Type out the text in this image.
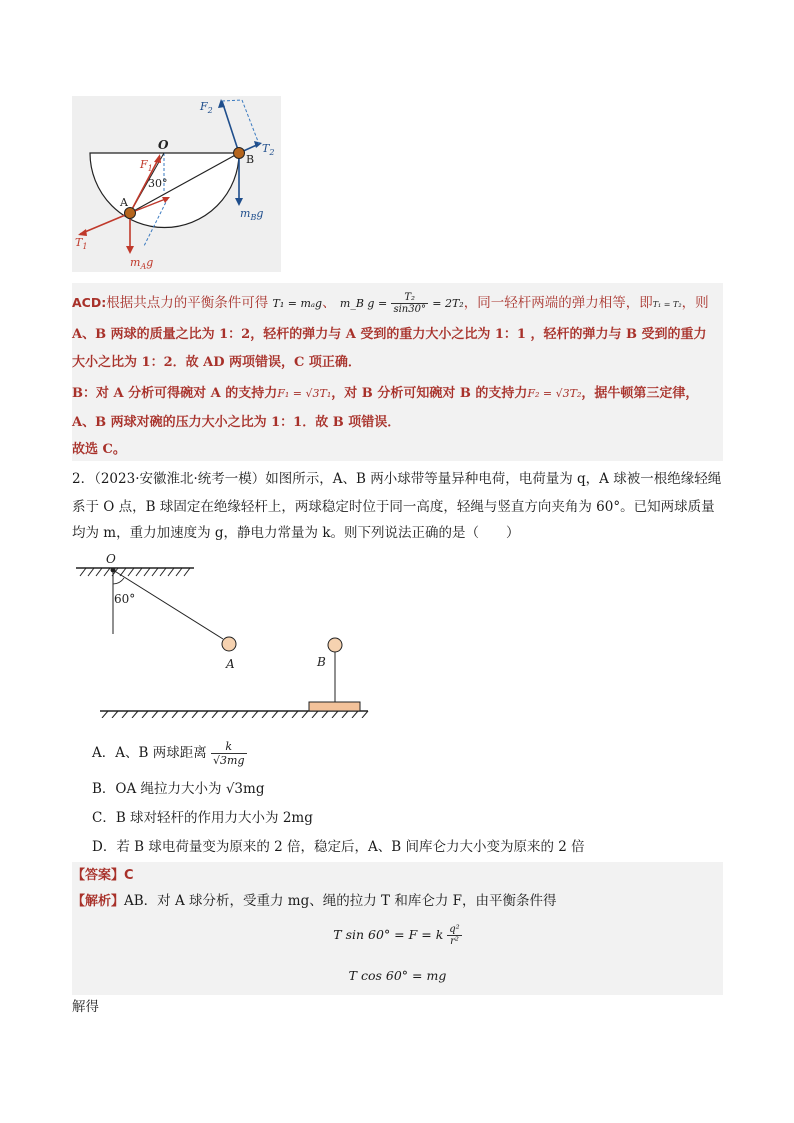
$F_2$
$T_2$
O
$F_1$
30°
B
A
$m_Bg$
$T_1$
$m_Ag$
ACD:根据共点力的平衡条件可得 T₁ = mₐg、 m_B $g = \frac{\text{T₂}}{\sin 30^\circ} = 2T_2$，同一轻杆两端的弹力相等，即T₁ = T₂，则
A、B 两球的质量之比为 1：2，轻杆的弹力与 A 受到的重力大小之比为 1：1 ，轻杆的弹力与 B 受到的重力
大小之比为 1：2．故 AD 两项错误，C 项正确．
B：对 A 分析可得碗对 A 的支持力F₁ = √3T₁，对 B 分析可知碗对 B 的支持力F₂ = √3T₂，据牛顿第三定律，
A、B 两球对碗的压力大小之比为 1：1．故 B 项错误．
故选 C。
2．（2023·安徽淮北·统考一模）如图所示，A、B 两小球带等量异种电荷，电荷量为 q，A 球被一根绝缘轻绳
系于 O 点，B 球固定在绝缘轻杆上，两球稳定时位于同一高度，轻绳与竖直方向夹角为 60°。已知两球质量
均为 m，重力加速度为 g，静电力常量为 k。则下列说法正确的是（　　）
O
60°
A	B
A．A、B 两球距离 $\frac{k}{√3mg}$
B．OA 绳拉力大小为 √3mg
C．B 球对轻杆的作用力大小为 2mg
D．若 B 球电荷量变为原来的 2 倍，稳定后，A、B 间库仑力大小变为原来的 2 倍
【答案】C
【解析】AB．对 A 球分析，受重力 mg、绳的拉力 T 和库仑力 F，由平衡条件得
T sin 60° = F = k $\frac{\text{q²}}{\text{r²}}$
T cos 60° = mg
解得
